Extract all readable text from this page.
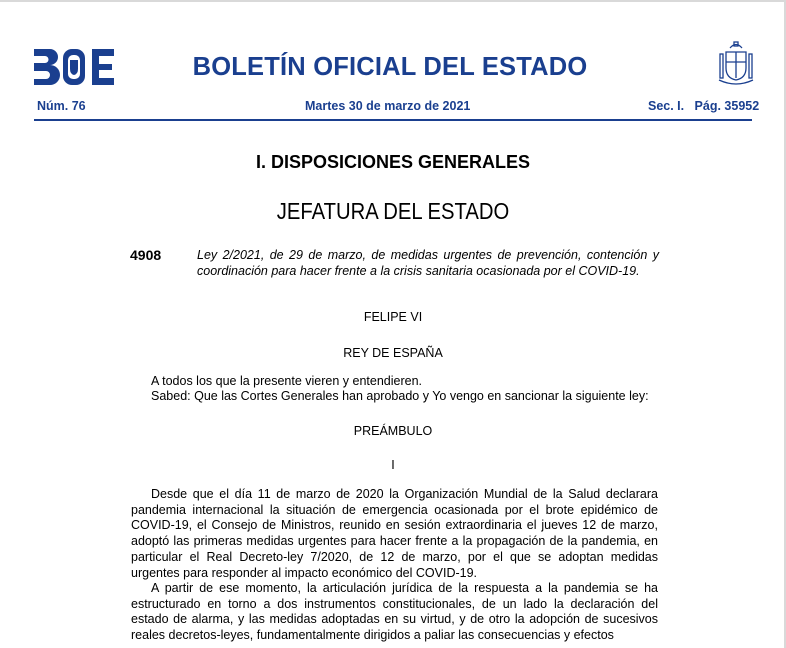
BOLETÍN OFICIAL DEL ESTADO
Núm. 76	Martes 30 de marzo de 2021	Sec. I.   Pág. 35952
I. DISPOSICIONES GENERALES
JEFATURA DEL ESTADO
4908	Ley 2/2021, de 29 de marzo, de medidas urgentes de prevención, contención y coordinación para hacer frente a la crisis sanitaria ocasionada por el COVID-19.
FELIPE VI
REY DE ESPAÑA
A todos los que la presente vieren y entendieren.
Sabed: Que las Cortes Generales han aprobado y Yo vengo en sancionar la siguiente ley:
PREÁMBULO
I

Desde que el día 11 de marzo de 2020 la Organización Mundial de la Salud declarara pandemia internacional la situación de emergencia ocasionada por el brote epidémico de COVID-19, el Consejo de Ministros, reunido en sesión extraordinaria el jueves 12 de marzo, adoptó las primeras medidas urgentes para hacer frente a la propagación de la pandemia, en particular el Real Decreto-ley 7/2020, de 12 de marzo, por el que se adoptan medidas urgentes para responder al impacto económico del COVID-19.

A partir de ese momento, la articulación jurídica de la respuesta a la pandemia se ha estructurado en torno a dos instrumentos constitucionales, de un lado la declaración del estado de alarma, y las medidas adoptadas en su virtud, y de otro la adopción de sucesivos reales decretos-leyes, fundamentalmente dirigidos a paliar las consecuencias y efectos
